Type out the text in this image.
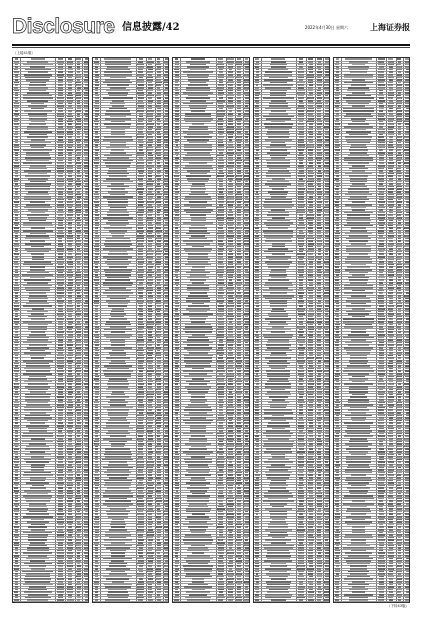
Disclosure 信息披露/42	2022年4月30日 星期六	上海证券报
（上接41版）
（下转43版）
